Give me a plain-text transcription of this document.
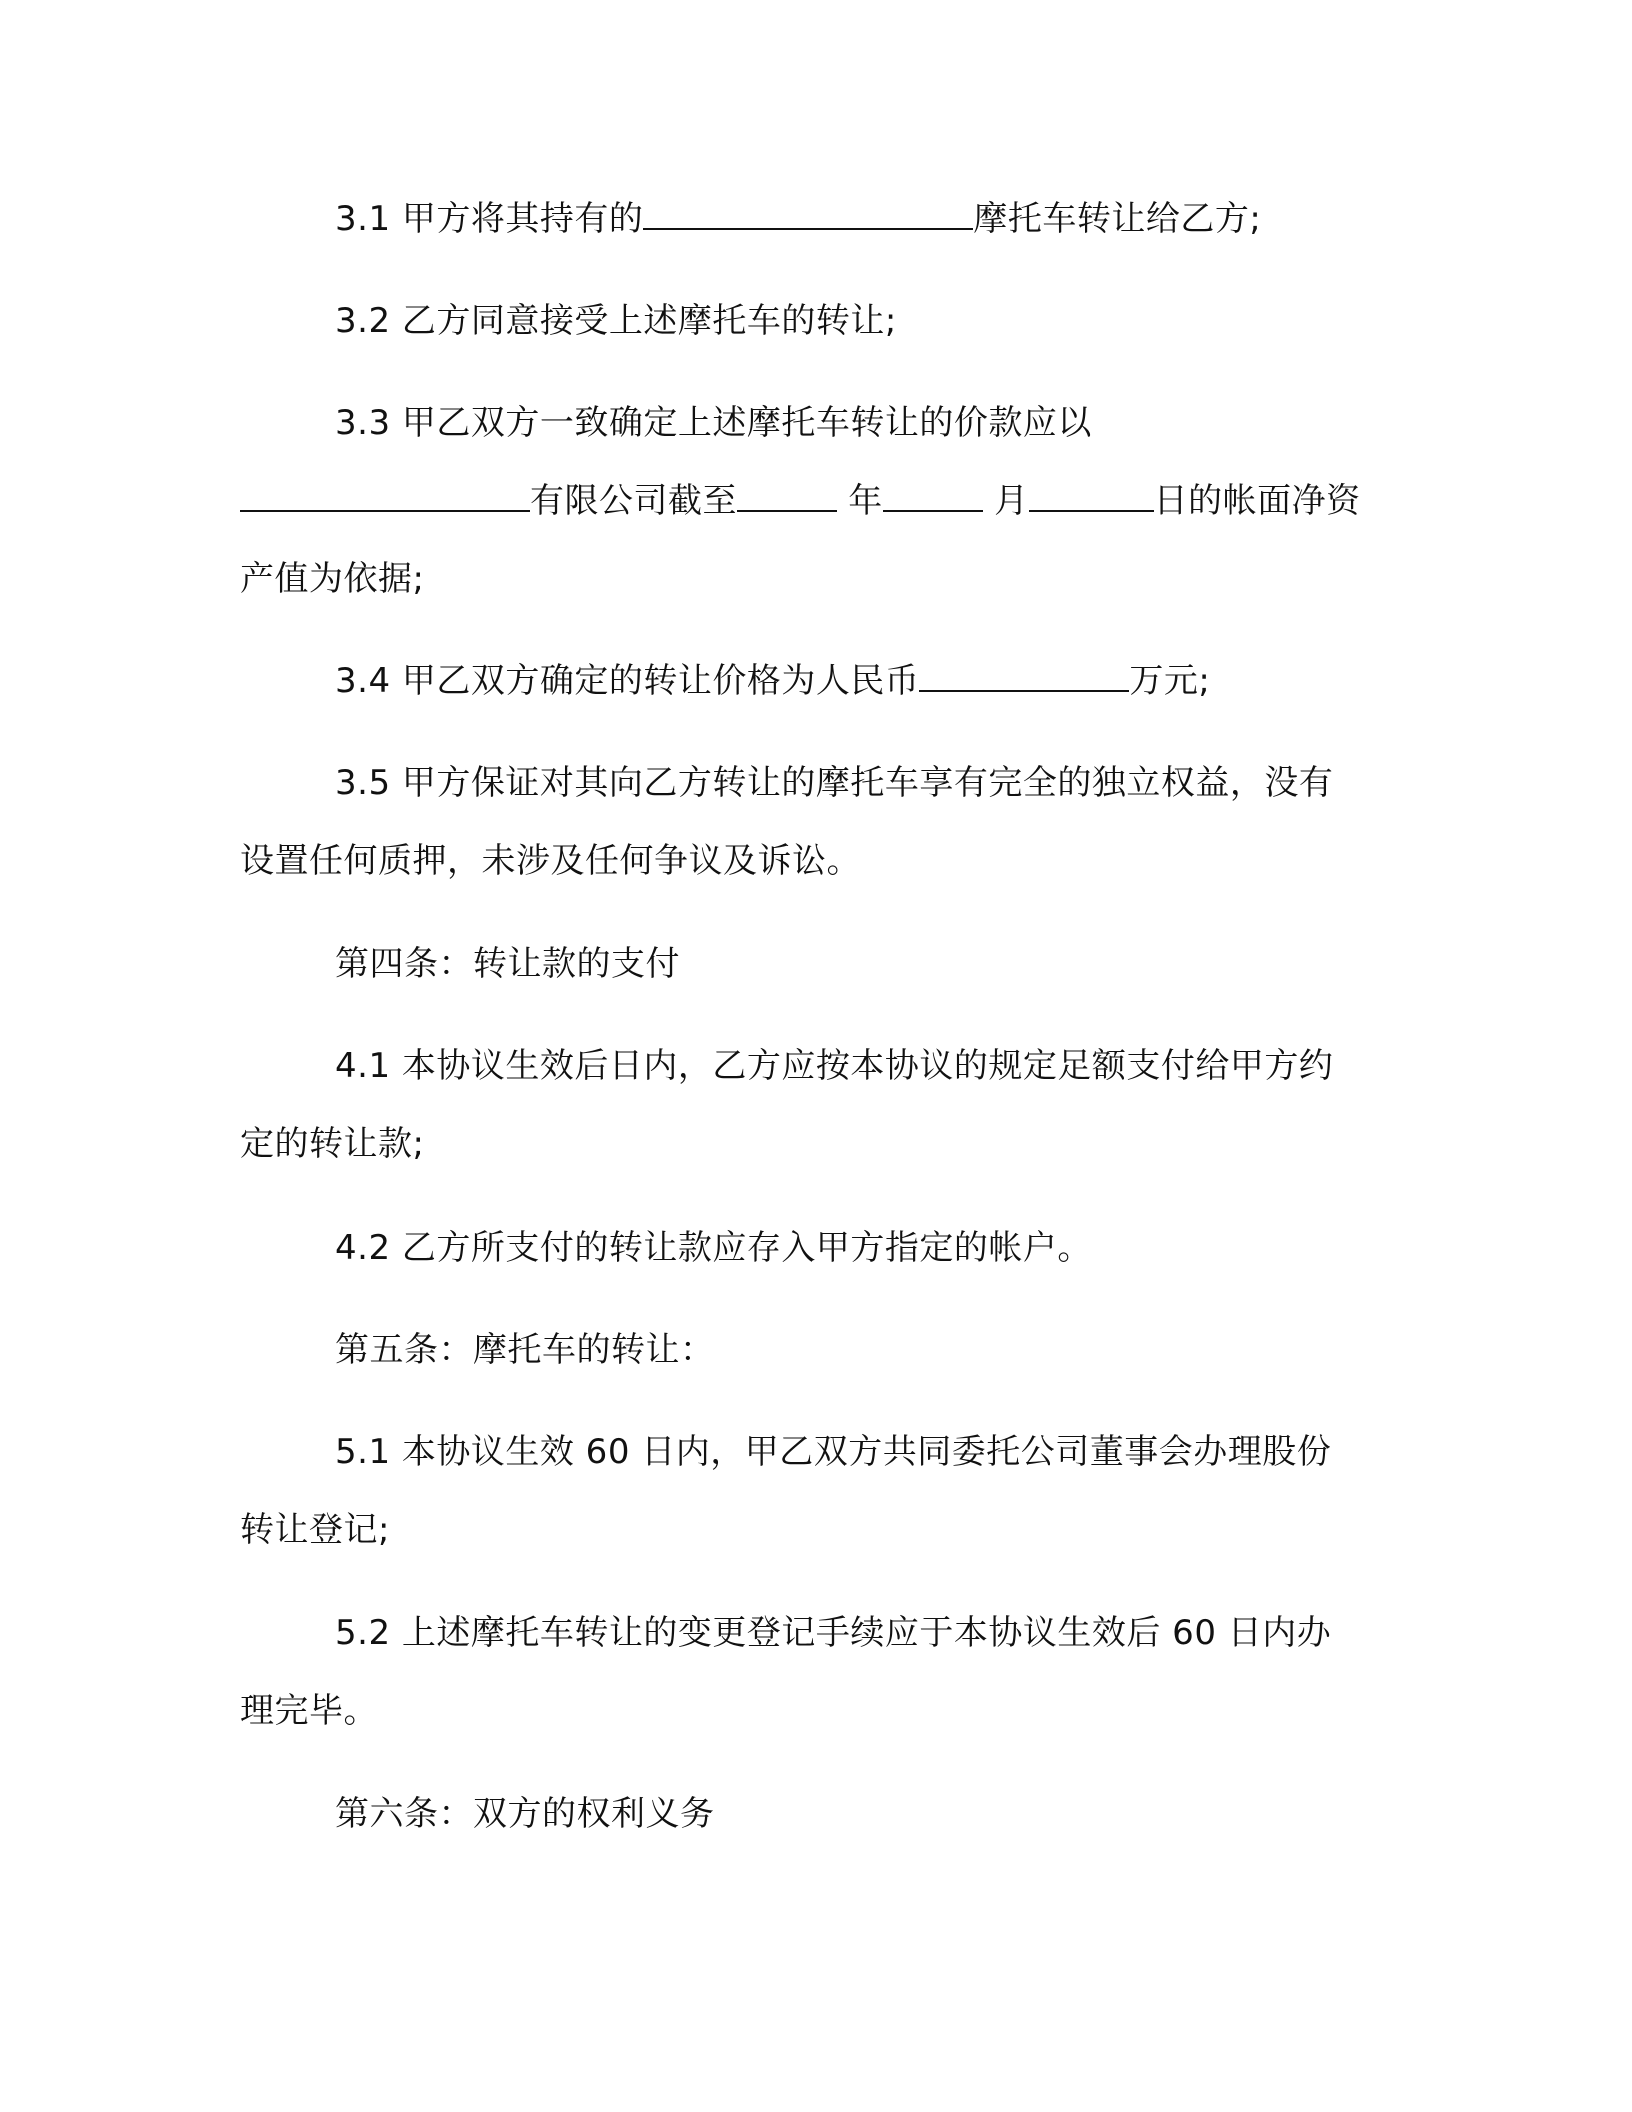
3.1 甲方将其持有的	摩托车转让给乙方;

3.2 乙方同意接受上述摩托车的转让;

3.3 甲乙双方一致确定上述摩托车转让的价款应以有限公司截至	年	月	日的帐面净资产值为依据;

3.4 甲乙双方确定的转让价格为人民币	万元;

3.5 甲方保证对其向乙方转让的摩托车享有完全的独立权益，没有设置任何质押，未涉及任何争议及诉讼。

第四条：转让款的支付

4.1 本协议生效后日内，乙方应按本协议的规定足额支付给甲方约定的转让款;

4.2 乙方所支付的转让款应存入甲方指定的帐户。

第五条：摩托车的转让：

5.1 本协议生效 60 日内，甲乙双方共同委托公司董事会办理股份转让登记;

5.2 上述摩托车转让的变更登记手续应于本协议生效后 60 日内办理完毕。

第六条：双方的权利义务
